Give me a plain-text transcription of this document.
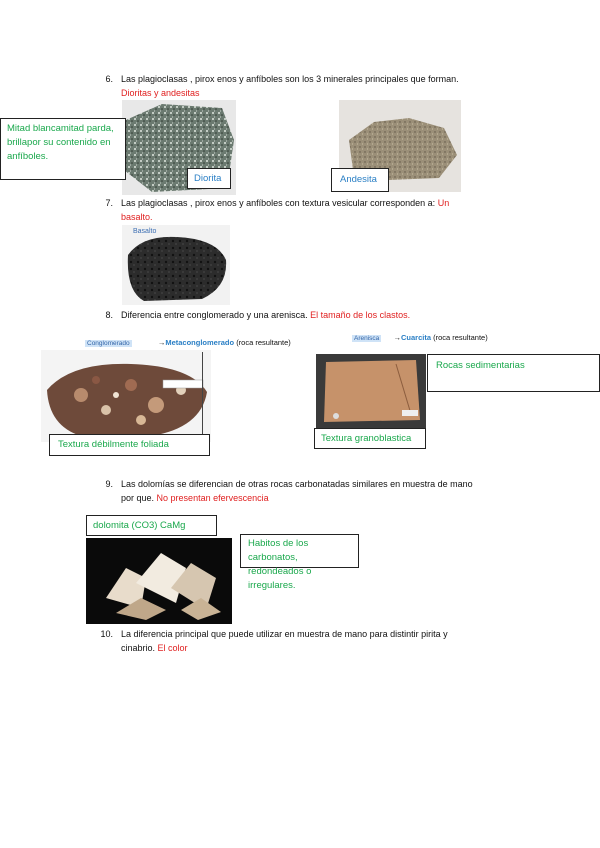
6. Las plagioclasas , pirox enos y anfíboles son los 3 minerales principales que forman.
Dioritas y andesitas
Mitad blancamitad parda, brillapor su contenido en anfíboles.
Diorita	Andesita
7. Las plagioclasas , pirox enos y anfíboles con textura vesicular corresponden a: Un
basalto.
Basalto
8. Diferencia entre conglomerado y una arenisca. El tamaño de los clastos.
Conglomerado	→Metaconglomerado (roca resultante)	Arenisca →Cuarcita (roca resultante)
Textura débilmente foliada
Rocas sedimentarias
Textura granoblastica
9. Las dolomías se diferencian de otras rocas carbonatadas similares en muestra de mano
por que. No presentan efervescencia
dolomita (CO3) CaMg
Habitos de los carbonatos, redondeados o irregulares.
10. La diferencia principal que puede utilizar en muestra de mano para distintir pirita y
cinabrio. El color
